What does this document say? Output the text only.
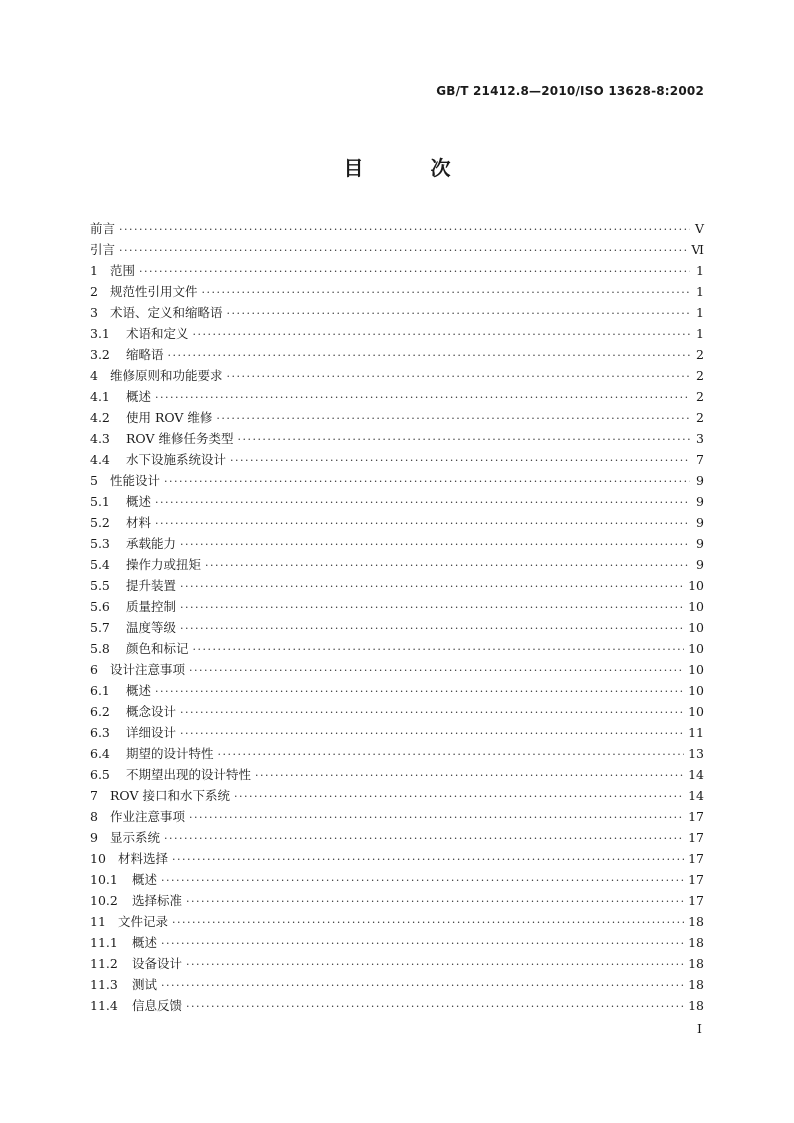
GB/T 21412.8—2010/ISO 13628-8:2002
目 次
前言 ·····	Ⅴ
引言 ·····	Ⅵ
1 范围 ·····	1
2 规范性引用文件 ·····	1
3 术语、定义和缩略语 ·····	1
3.1	术语和定义 ·····	1
3.2	缩略语 ·····	2
4 维修原则和功能要求 ·····	2
4.1	概述 ·····	2
4.2	使用 ROV 维修 ·····	2
4.3	ROV 维修任务类型 ·····	3
4.4	水下设施系统设计 ·····	7
5 性能设计 ·····	9
5.1	概述 ·····	9
5.2	材料 ·····	9
5.3	承载能力 ·····	9
5.4	操作力或扭矩 ·····	9
5.5	提升装置 ·····	10
5.6	质量控制 ·····	10
5.7	温度等级 ·····	10
5.8	颜色和标记 ·····	10
6 设计注意事项 ·····	10
6.1	概述 ·····	10
6.2	概念设计 ·····	10
6.3	详细设计 ·····	11
6.4	期望的设计特性 ·····	13
6.5	不期望出现的设计特性 ·····	14
7 ROV 接口和水下系统 ·····	14
8 作业注意事项 ·····	17
9 显示系统 ·····	17
10 材料选择 ·····	17
10.1	概述 ·····	17
10.2	选择标准 ·····	17
11 文件记录 ·····	18
11.1	概述 ·····	18
11.2	设备设计 ·····	18
11.3	测试 ·····	18
11.4	信息反馈 ·····	18
Ⅰ
